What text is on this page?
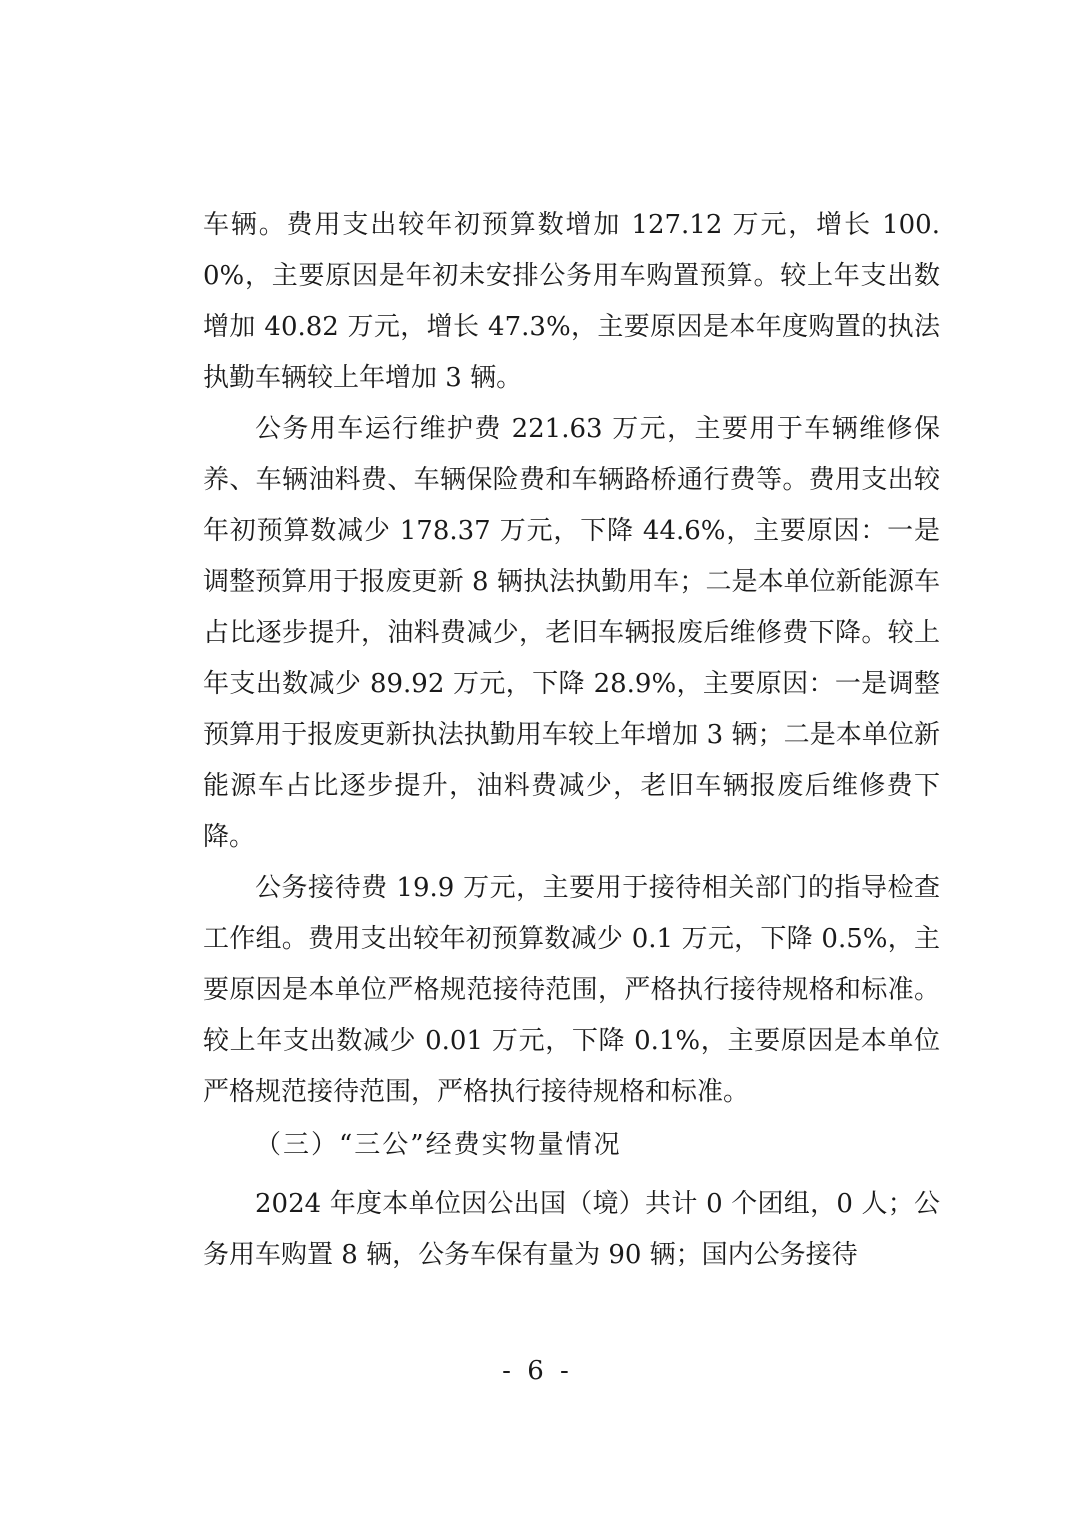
车辆。费用支出较年初预算数增加 127.12 万元，增长 100.0%，主要原因是年初未安排公务用车购置预算。较上年支出数增加 40.82 万元，增长 47.3%，主要原因是本年度购置的执法执勤车辆较上年增加 3 辆。

公务用车运行维护费 221.63 万元，主要用于车辆维修保养、车辆油料费、车辆保险费和车辆路桥通行费等。费用支出较年初预算数减少 178.37 万元，下降 44.6%，主要原因：一是调整预算用于报废更新 8 辆执法执勤用车；二是本单位新能源车占比逐步提升，油料费减少，老旧车辆报废后维修费下降。较上年支出数减少 89.92 万元，下降 28.9%，主要原因：一是调整预算用于报废更新执法执勤用车较上年增加 3 辆；二是本单位新能源车占比逐步提升，油料费减少，老旧车辆报废后维修费下降。

公务接待费 19.9 万元，主要用于接待相关部门的指导检查工作组。费用支出较年初预算数减少 0.1 万元，下降 0.5%，主要原因是本单位严格规范接待范围，严格执行接待规格和标准。较上年支出数减少 0.01 万元，下降 0.1%，主要原因是本单位严格规范接待范围，严格执行接待规格和标准。

（三）“三公”经费实物量情况

2024 年度本单位因公出国（境）共计 0 个团组，0 人；公务用车购置 8 辆，公务车保有量为 90 辆；国内公务接待

- 6 -
